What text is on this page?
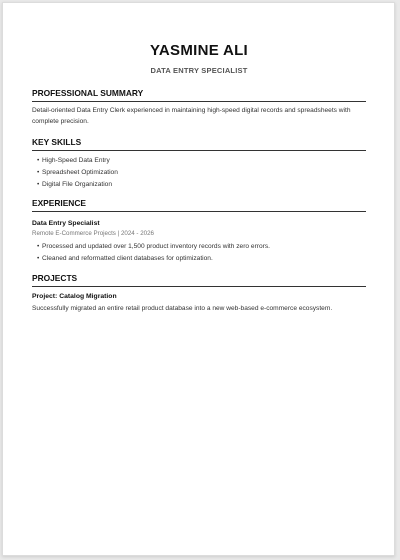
YASMINE ALI
DATA ENTRY SPECIALIST
PROFESSIONAL SUMMARY
Detail-oriented Data Entry Clerk experienced in maintaining high-speed digital records and spreadsheets with complete precision.
KEY SKILLS
• High-Speed Data Entry
• Spreadsheet Optimization
• Digital File Organization
EXPERIENCE
Data Entry Specialist
Remote E-Commerce Projects | 2024 - 2026
• Processed and updated over 1,500 product inventory records with zero errors.
• Cleaned and reformatted client databases for optimization.
PROJECTS
Project: Catalog Migration
Successfully migrated an entire retail product database into a new web-based e-commerce ecosystem.
